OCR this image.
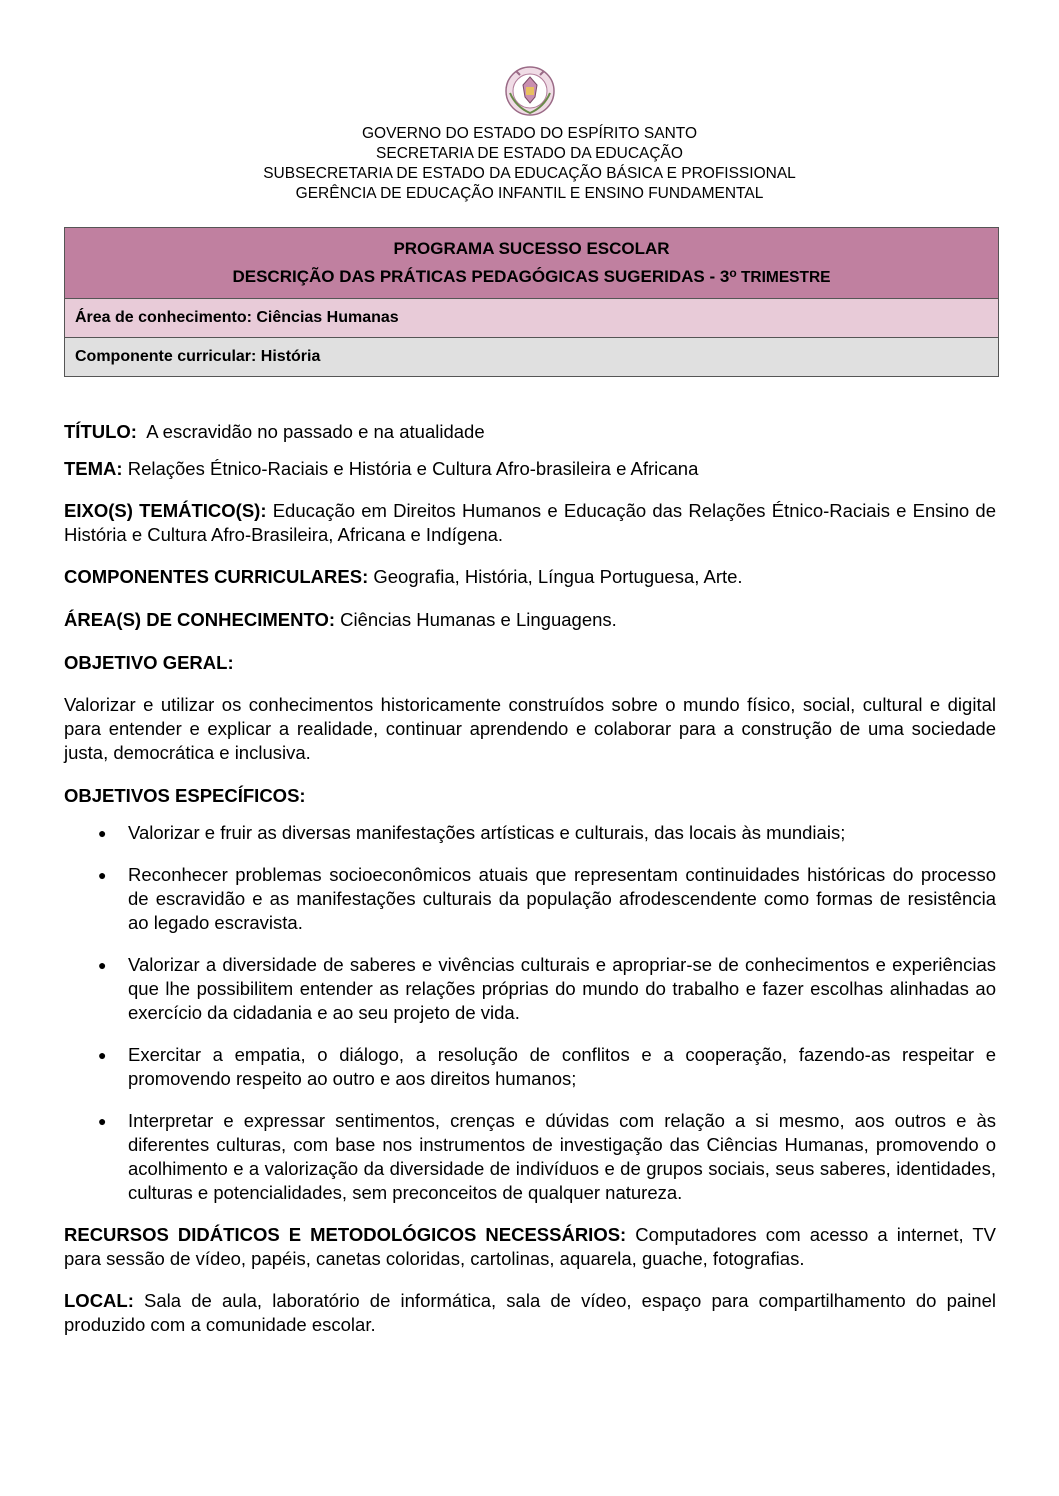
GOVERNO DO ESTADO DO ESPÍRITO SANTO
SECRETARIA DE ESTADO DA EDUCAÇÃO
SUBSECRETARIA DE ESTADO DA EDUCAÇÃO BÁSICA E PROFISSIONAL
GERÊNCIA DE EDUCAÇÃO INFANTIL E ENSINO FUNDAMENTAL
PROGRAMA SUCESSO ESCOLAR
DESCRIÇÃO DAS PRÁTICAS PEDAGÓGICAS SUGERIDAS - 3$^o$ TRIMESTRE
Área de conhecimento: Ciências Humanas
Componente curricular: História

TÍTULO:  A escravidão no passado e na atualidade

TEMA: Relações Étnico-Raciais e História e Cultura Afro-brasileira e Africana

EIXO(S) TEMÁTICO(S): Educação em Direitos Humanos e Educação das Relações Étnico-Raciais e Ensino de História e Cultura Afro-Brasileira, Africana e Indígena.

COMPONENTES CURRICULARES: Geografia, História, Língua Portuguesa, Arte.

ÁREA(S) DE CONHECIMENTO: Ciências Humanas e Linguagens.

OBJETIVO GERAL:

Valorizar e utilizar os conhecimentos historicamente construídos sobre o mundo físico, social, cultural e digital para entender e explicar a realidade, continuar aprendendo e colaborar para a construção de uma sociedade justa, democrática e inclusiva.

OBJETIVOS ESPECÍFICOS:

● Valorizar e fruir as diversas manifestações artísticas e culturais, das locais às mundiais;
● Reconhecer problemas socioeconômicos atuais que representam continuidades históricas do processo de escravidão e as manifestações culturais da população afrodescendente como formas de resistência ao legado escravista.
● Valorizar a diversidade de saberes e vivências culturais e apropriar-se de conhecimentos e experiências que lhe possibilitem entender as relações próprias do mundo do trabalho e fazer escolhas alinhadas ao exercício da cidadania e ao seu projeto de vida.
● Exercitar a empatia, o diálogo, a resolução de conflitos e a cooperação, fazendo-as respeitar e promovendo respeito ao outro e aos direitos humanos;
● Interpretar e expressar sentimentos, crenças e dúvidas com relação a si mesmo, aos outros e às diferentes culturas, com base nos instrumentos de investigação das Ciências Humanas, promovendo o acolhimento e a valorização da diversidade de indivíduos e de grupos sociais, seus saberes, identidades, culturas e potencialidades, sem preconceitos de qualquer natureza.

RECURSOS DIDÁTICOS E METODOLÓGICOS NECESSÁRIOS: Computadores com acesso a internet, TV para sessão de vídeo, papéis, canetas coloridas, cartolinas, aquarela, guache, fotografias.

LOCAL: Sala de aula, laboratório de informática, sala de vídeo, espaço para compartilhamento do painel produzido com a comunidade escolar.
